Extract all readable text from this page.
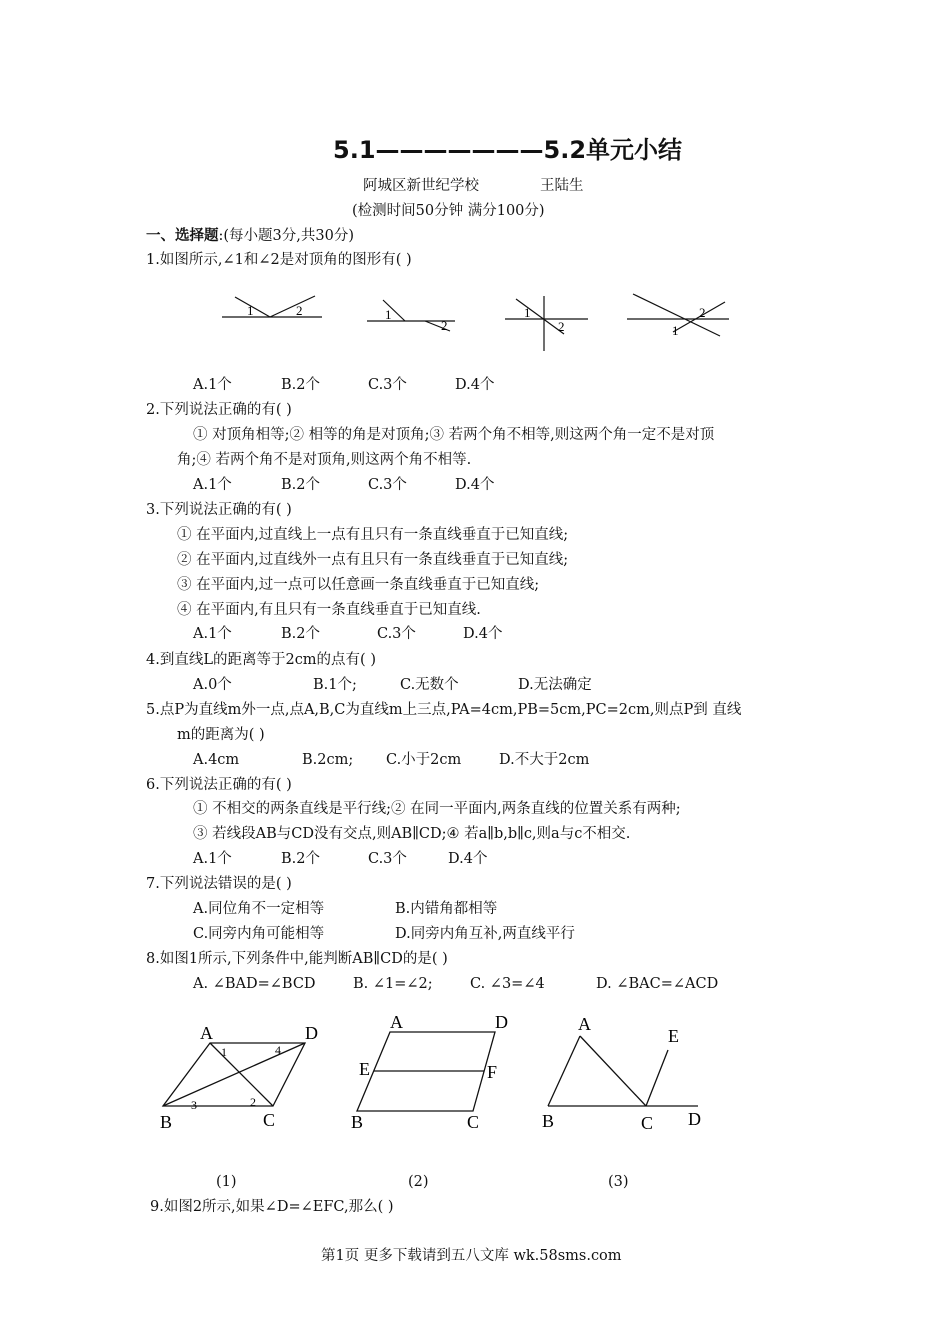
5.1———————5.2单元小结
阿城区新世纪学校	王陆生
(检测时间50分钟 满分100分)
一、选择题:(每小题3分,共30分)
1.如图所示,∠1和∠2是对顶角的图形有( )
1	2	1
2
1
2
2
1
A.1个	B.2个	C.3个	D.4个
2.下列说法正确的有( )
① 对顶角相等;② 相等的角是对顶角;③ 若两个角不相等,则这两个角一定不是对顶
角;④ 若两个角不是对顶角,则这两个角不相等.
A.1个	B.2个	C.3个	D.4个
3.下列说法正确的有( )
① 在平面内,过直线上一点有且只有一条直线垂直于已知直线;
② 在平面内,过直线外一点有且只有一条直线垂直于已知直线;
③ 在平面内,过一点可以任意画一条直线垂直于已知直线;
④ 在平面内,有且只有一条直线垂直于已知直线.
A.1个	B.2个	C.3个	D.4个
4.到直线L的距离等于2cm的点有( )
A.0个	B.1个;	C.无数个	D.无法确定
5.点P为直线m外一点,点A,B,C为直线m上三点,PA=4cm,PB=5cm,PC=2cm,则点P到 直线
m的距离为( )
A.4cm	B.2cm; C.小于2cm	D.不大于2cm
6.下列说法正确的有( )
① 不相交的两条直线是平行线;② 在同一平面内,两条直线的位置关系有两种;
③ 若线段AB与CD没有交点,则AB∥CD;④ 若a∥b,b∥c,则a与c不相交.
A.1个	B.2个	C.3个	D.4个
7.下列说法错误的是( )
A.同位角不一定相等	B.内错角都相等
C.同旁内角可能相等	D.同旁内角互补,两直线平行
8.如图1所示,下列条件中,能判断AB∥CD的是( )
A. ∠BAD=∠BCD	B. ∠1=∠2;	C. ∠3=∠4	D. ∠BAC=∠ACD
A	D
B	C
1	4
3	2
(1)
A	D
E	F
B	C
(2)
A
E
B	C D
(3)
9.如图2所示,如果∠D=∠EFC,那么( )
第1页 更多下载请到五八文库 wk.58sms.com
